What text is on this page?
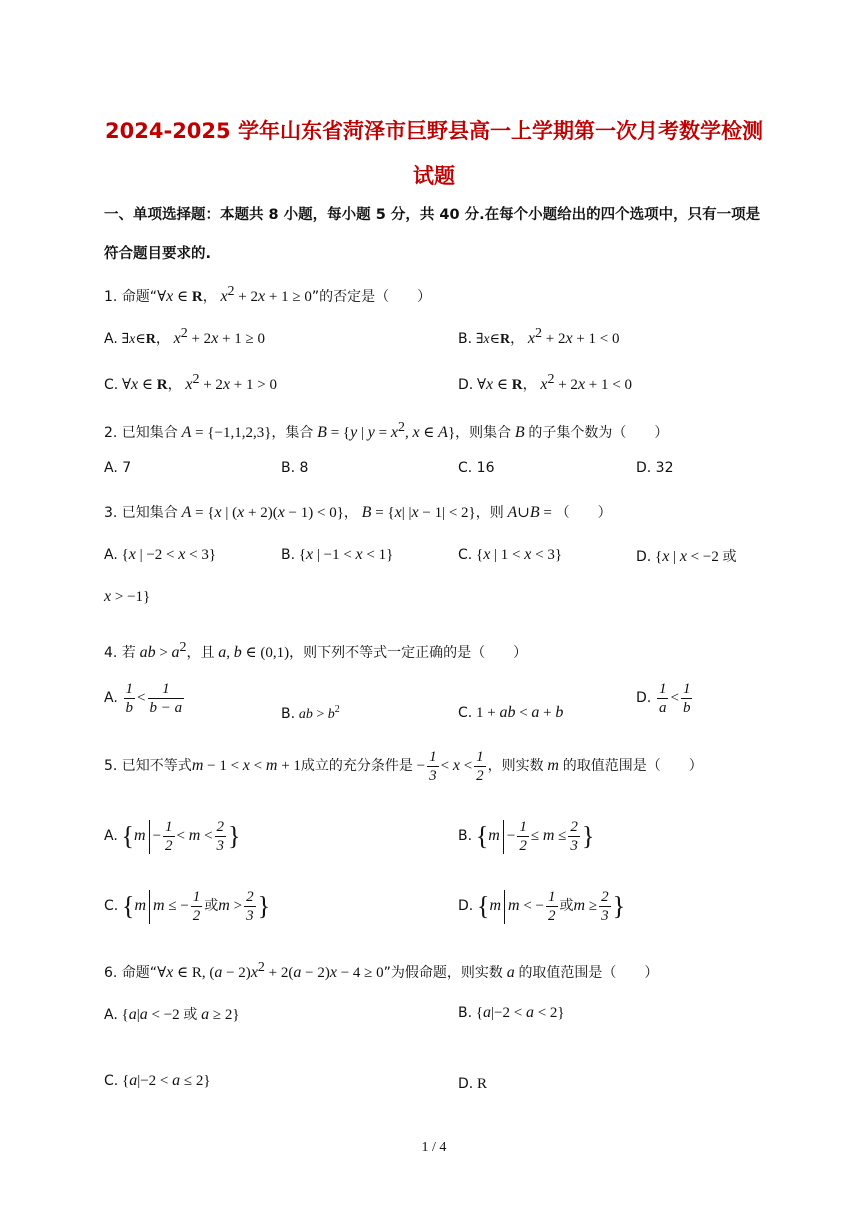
2024-2025 学年山东省菏泽市巨野县高一上学期第一次月考数学检测
试题
一、单项选择题：本题共 8 小题，每小题 5 分，共 40 分.在每个小题给出的四个选项中，只有一项是
符合题目要求的.
1. 命题“∀x ∈ R， $x^2 + 2x + 1 \ge 0$”的否定是（　　）
A. ∃x∈R， $x^2 + 2x + 1 \ge 0$	B. ∃x∈R， $x^2 + 2x + 1 < 0$
C. ∀x ∈ R， $x^2 + 2x + 1 > 0$	D. ∀x ∈ R， $x^2 + 2x + 1 < 0$
2. 已知集合 A = {−1,1,2,3}，集合 B = {y | $y = x^2$, x ∈ A}，则集合 B 的子集个数为（　　）
A. 7	B. 8	C. 16	D. 32
3. 已知集合 A = {x | (x + 2)(x − 1) < 0}， B = {x| |x − 1| < 2}，则 A∪B = （　　）
A. {x | −2 < x < 3}	B. {x | −1 < x < 1}	C. {x | 1 < x < 3}	D. {x | x < −2 或
x > −1}
4. 若 ab > $a^2$，且 a, b ∈ (0,1)，则下列不等式一定正确的是（　　）
A. $\frac{1}{b} < \frac{1}{b - a}$	B. ab > $b^2$	C. 1 + ab < a + b
D. $\frac{1}{a} < \frac{1}{b}$
5. 已知不等式m − 1 < x < m + 1成立的充分条件是 − $\frac{1}{3} < x < \frac{1}{2}$ ，则实数 m 的取值范围是（　　）
A. {$m - \frac{1}{2} < m < \frac{2}{3}$ }	B. {$m - \frac{1}{2} \le m \le \frac{2}{3}$ }
C. {m m ≤ − $\frac{1}{2}$ 或$m > \frac{2}{3}$ }	D. {m m < − $\frac{1}{2}$ 或$m \ge \frac{2}{3}$ }
6. 命题“∀x ∈ R, $(a - 2)x^2 + 2(a - 2)x - 4 \ge 0$”为假命题，则实数 a 的取值范围是（　　）
A. {a|a < −2 或 a ≥ 2}	B. {a|−2 < a < 2}
C. {a|−2 < a ≤ 2}	D. R
1 / 4
